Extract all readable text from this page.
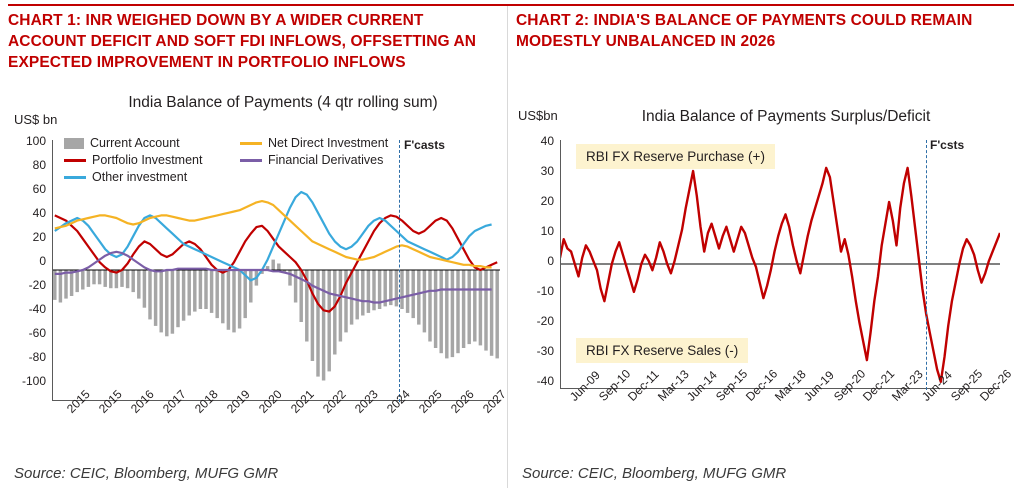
CHART 1: INR WEIGHED DOWN BY A WIDER CURRENT ACCOUNT DEFICIT AND SOFT FDI INFLOWS, OFFSETTING AN EXPECTED IMPROVEMENT IN PORTFOLIO INFLOWS
US$ bn
India Balance of Payments (4 qtr rolling sum)
100
80
60
40
20
0
-20
-40
-60
-80
-100
F'casts
Current Account	Net Direct Investment
Portfolio Investment	Financial Derivatives
Other investment
2015 2015 2016 2017 2018 2019 2020 2021 2022 2023 2024 2025 2026 2027
Source: CEIC, Bloomberg, MUFG GMR
CHART 2: INDIA'S BALANCE OF PAYMENTS COULD REMAIN MODESTLY UNBALANCED IN 2026
US$bn	India Balance of Payments Surplus/Deficit
40
30
20
10
0
-10
-20
-30
-40
F'csts
RBI FX Reserve Purchase (+)
RBI FX Reserve Sales (-)
Jun-09
Sep-10
Dec-11
Mar-13
Jun-14
Sep-15
Dec-16
Mar-18
Jun-19
Sep-20
Dec-21
Mar-23
Jun-24
Sep-25
Dec-26
Source: CEIC, Bloomberg, MUFG GMR
